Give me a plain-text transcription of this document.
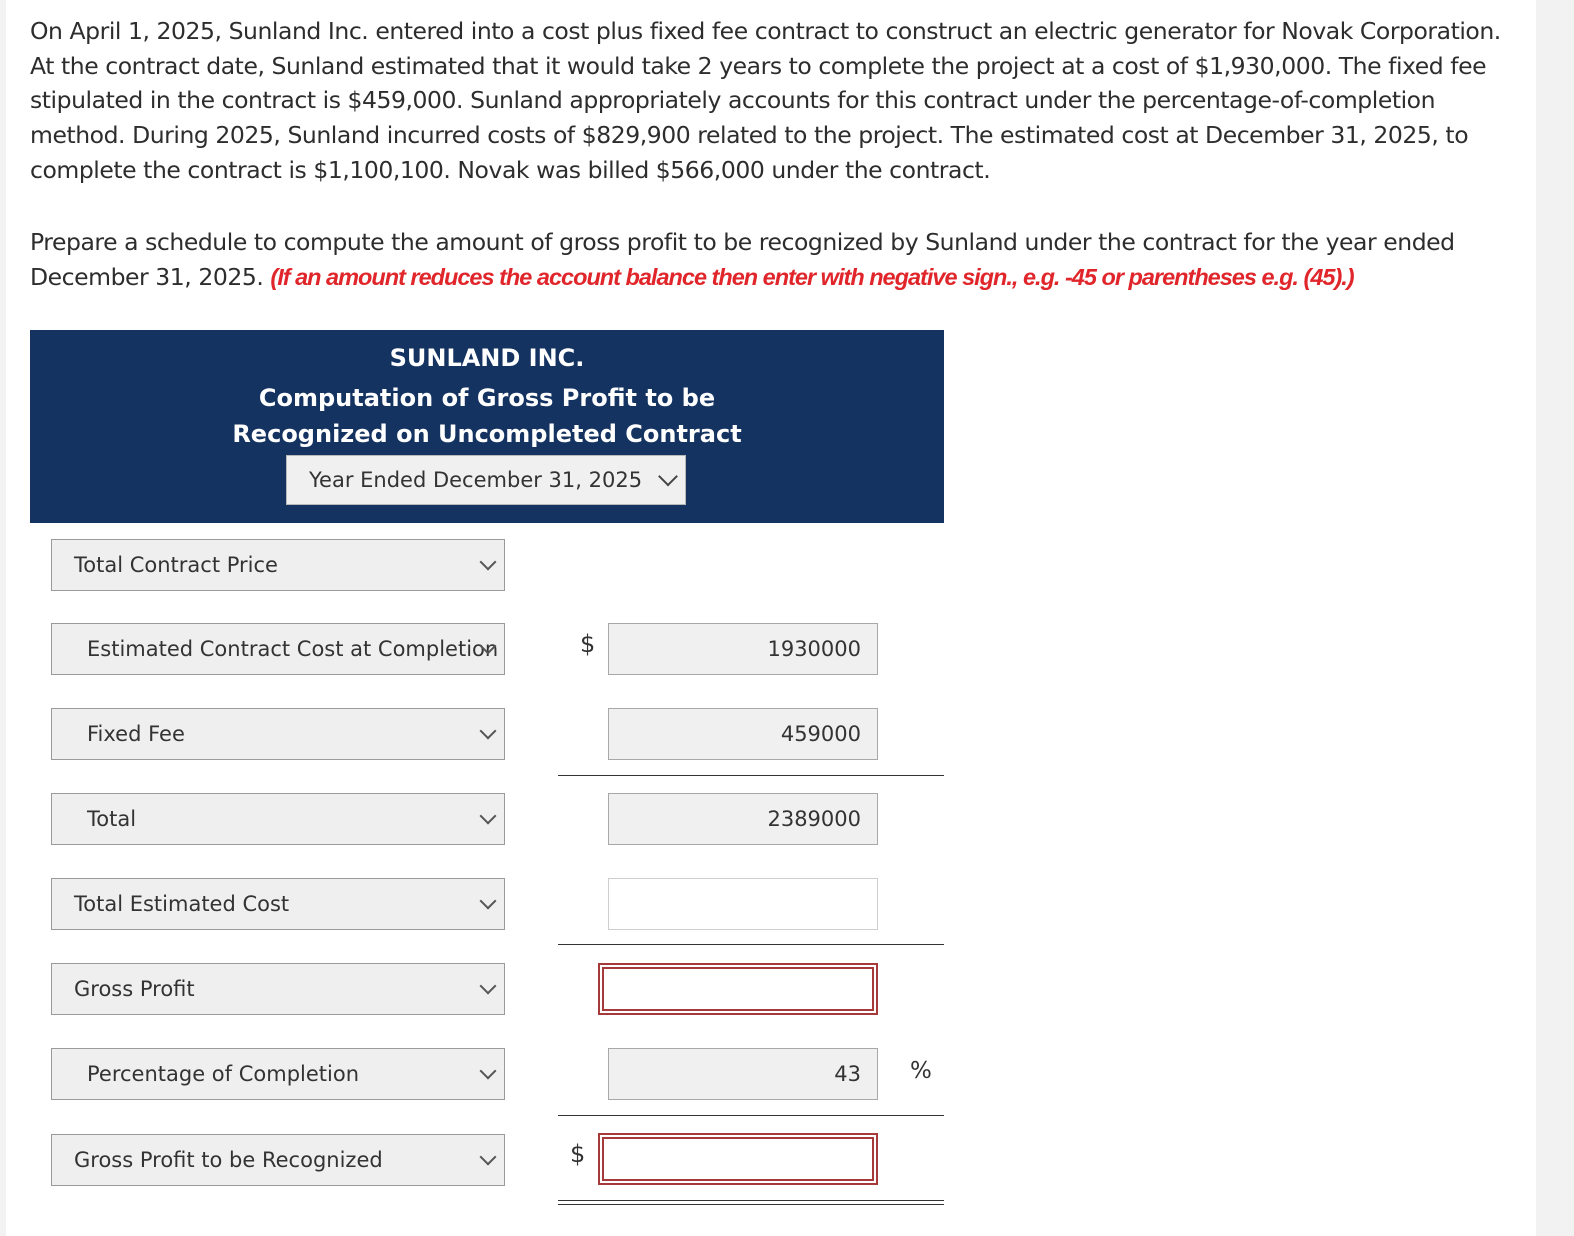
On April 1, 2025, Sunland Inc. entered into a cost plus fixed fee contract to construct an electric generator for Novak Corporation. At the contract date, Sunland estimated that it would take 2 years to complete the project at a cost of $1,930,000. The fixed fee stipulated in the contract is $459,000. Sunland appropriately accounts for this contract under the percentage-of-completion method. During 2025, Sunland incurred costs of $829,900 related to the project. The estimated cost at December 31, 2025, to complete the contract is $1,100,100. Novak was billed $566,000 under the contract.

Prepare a schedule to compute the amount of gross profit to be recognized by Sunland under the contract for the year ended December 31, 2025. (If an amount reduces the account balance then enter with negative sign., e.g. -45 or parentheses e.g. (45).)
SUNLAND INC.
Computation of Gross Profit to be
Recognized on Uncompleted Contract
Year Ended December 31, 2025
Total Contract Price
Estimated Contract Cost at Completion	$	1930000
Fixed Fee	459000
Total	2389000
Total Estimated Cost
Gross Profit
Percentage of Completion	43	%
Gross Profit to be Recognized	$
